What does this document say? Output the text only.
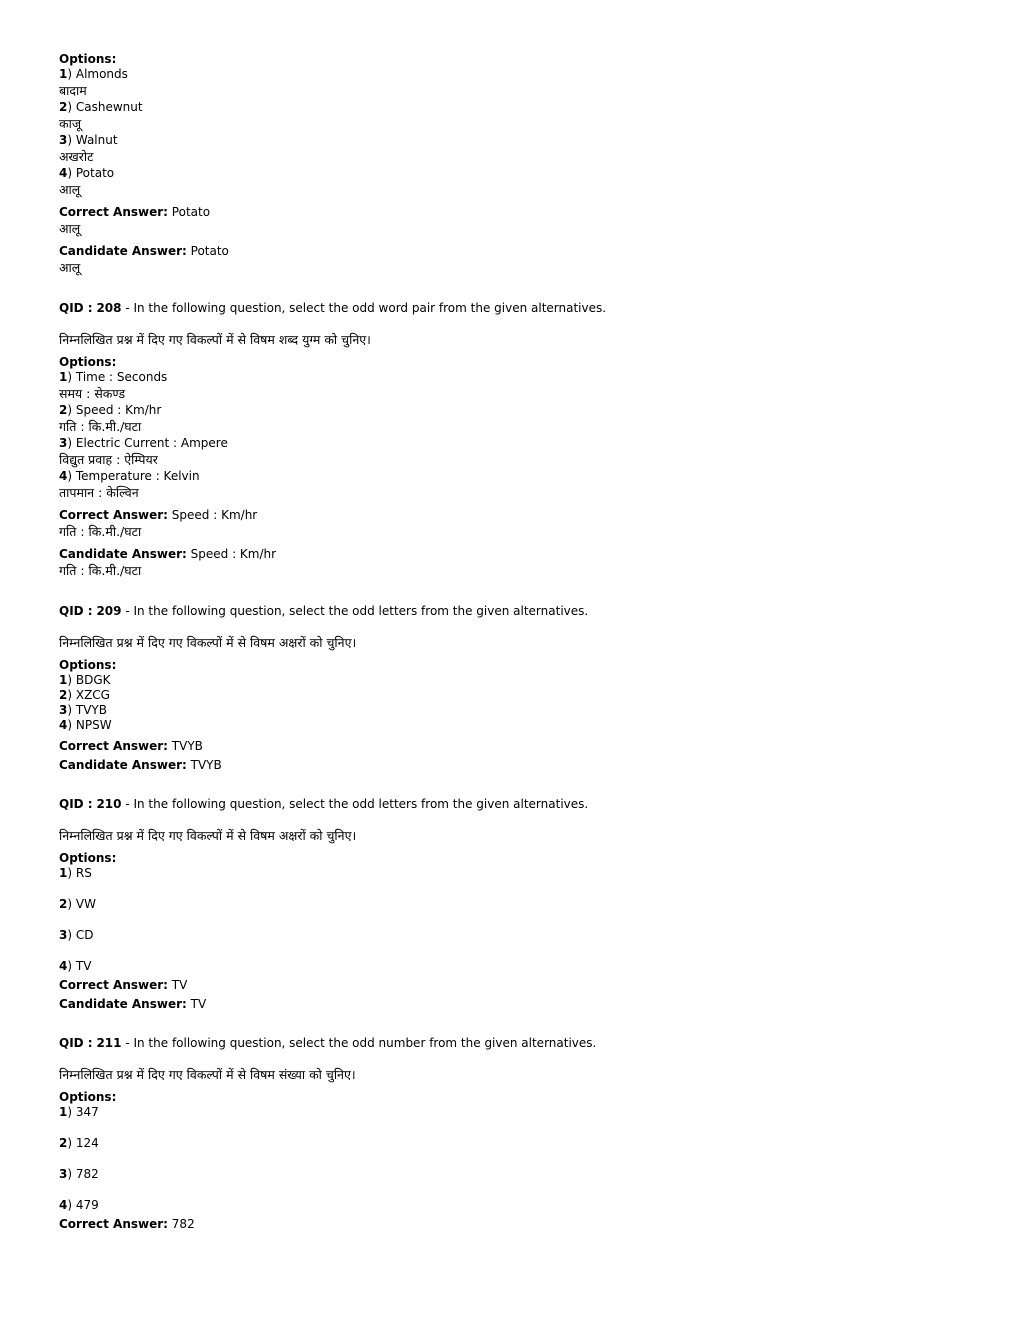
Options:
1) Almonds
बादाम
2) Cashewnut
काजू
3) Walnut
अखरोट
4) Potato
आलू
Correct Answer: Potato
आलू
Candidate Answer: Potato
आलू
QID : 208 - In the following question, select the odd word pair from the given alternatives.
निम्नलिखित प्रश्न में दिए गए विकल्पों में से विषम शब्द युग्म को चुनिए।
Options:
1) Time : Seconds
समय : सेकण्ड
2) Speed : Km/hr
गति : कि.मी./घटा
3) Electric Current : Ampere
विद्युत प्रवाह : ऐम्पियर
4) Temperature : Kelvin
तापमान : केल्विन
Correct Answer: Speed : Km/hr
गति : कि.मी./घटा
Candidate Answer: Speed : Km/hr
गति : कि.मी./घटा
QID : 209 - In the following question, select the odd letters from the given alternatives.
निम्नलिखित प्रश्न में दिए गए विकल्पों में से विषम अक्षरों को चुनिए।
Options:
1) BDGK
2) XZCG
3) TVYB
4) NPSW
Correct Answer: TVYB
Candidate Answer: TVYB
QID : 210 - In the following question, select the odd letters from the given alternatives.
निम्नलिखित प्रश्न में दिए गए विकल्पों में से विषम अक्षरों को चुनिए।
Options:
1) RS
2) VW
3) CD
4) TV
Correct Answer: TV
Candidate Answer: TV
QID : 211 - In the following question, select the odd number from the given alternatives.
निम्नलिखित प्रश्न में दिए गए विकल्पों में से विषम संख्या को चुनिए।
Options:
1) 347
2) 124
3) 782
4) 479
Correct Answer: 782
